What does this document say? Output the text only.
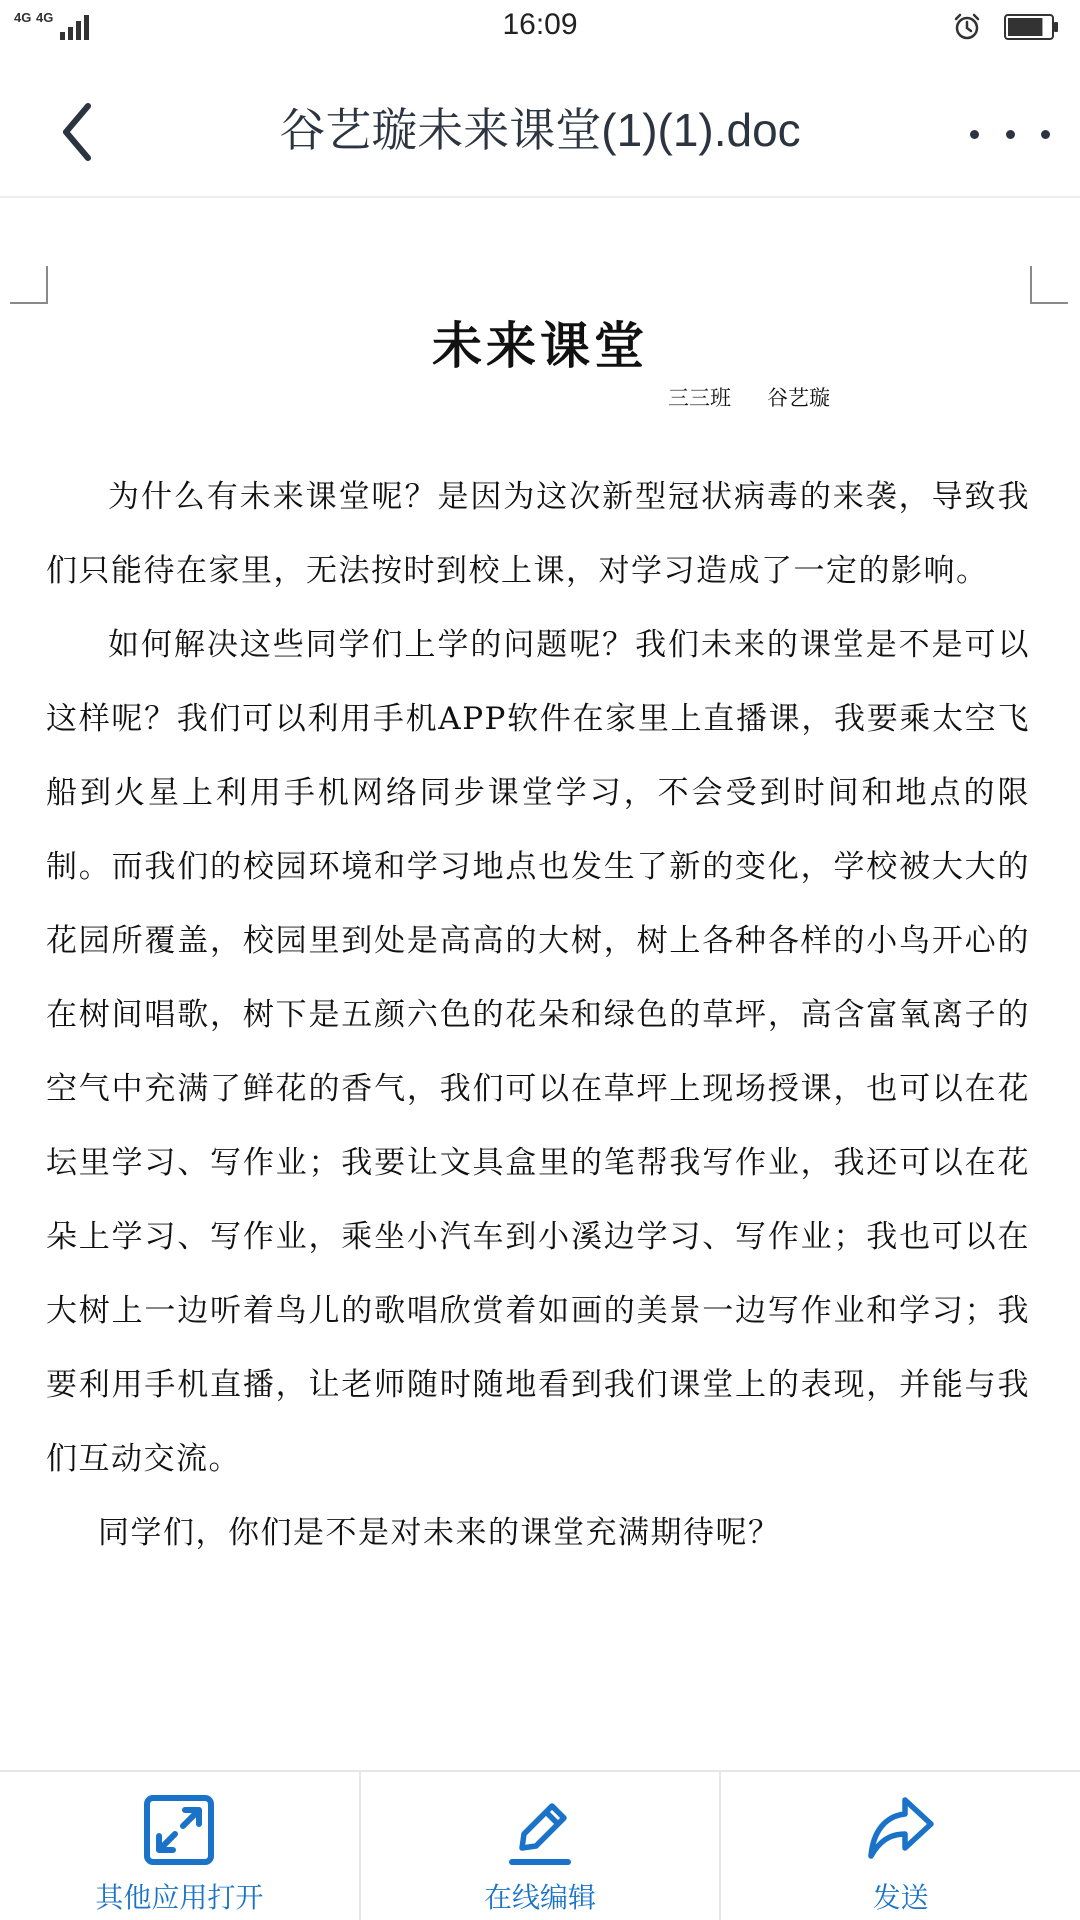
4G 4G	16:09
谷艺璇未来课堂(1)(1).doc
未来课堂
三三班 谷艺璇

为什么有未来课堂呢？是因为这次新型冠状病毒的来袭，导致我们只能待在家里，无法按时到校上课，对学习造成了一定的影响。

如何解决这些同学们上学的问题呢？我们未来的课堂是不是可以这样呢？我们可以利用手机APP软件在家里上直播课，我要乘太空飞船到火星上利用手机网络同步课堂学习，不会受到时间和地点的限制。而我们的校园环境和学习地点也发生了新的变化，学校被大大的花园所覆盖，校园里到处是高高的大树，树上各种各样的小鸟开心的在树间唱歌，树下是五颜六色的花朵和绿色的草坪，高含富氧离子的空气中充满了鲜花的香气，我们可以在草坪上现场授课，也可以在花坛里学习、写作业；我要让文具盒里的笔帮我写作业，我还可以在花朵上学习、写作业，乘坐小汽车到小溪边学习、写作业；我也可以在大树上一边听着鸟儿的歌唱欣赏着如画的美景一边写作业和学习；我要利用手机直播，让老师随时随地看到我们课堂上的表现，并能与我们互动交流。

同学们，你们是不是对未来的课堂充满期待呢？

其他应用打开	在线编辑	发送
